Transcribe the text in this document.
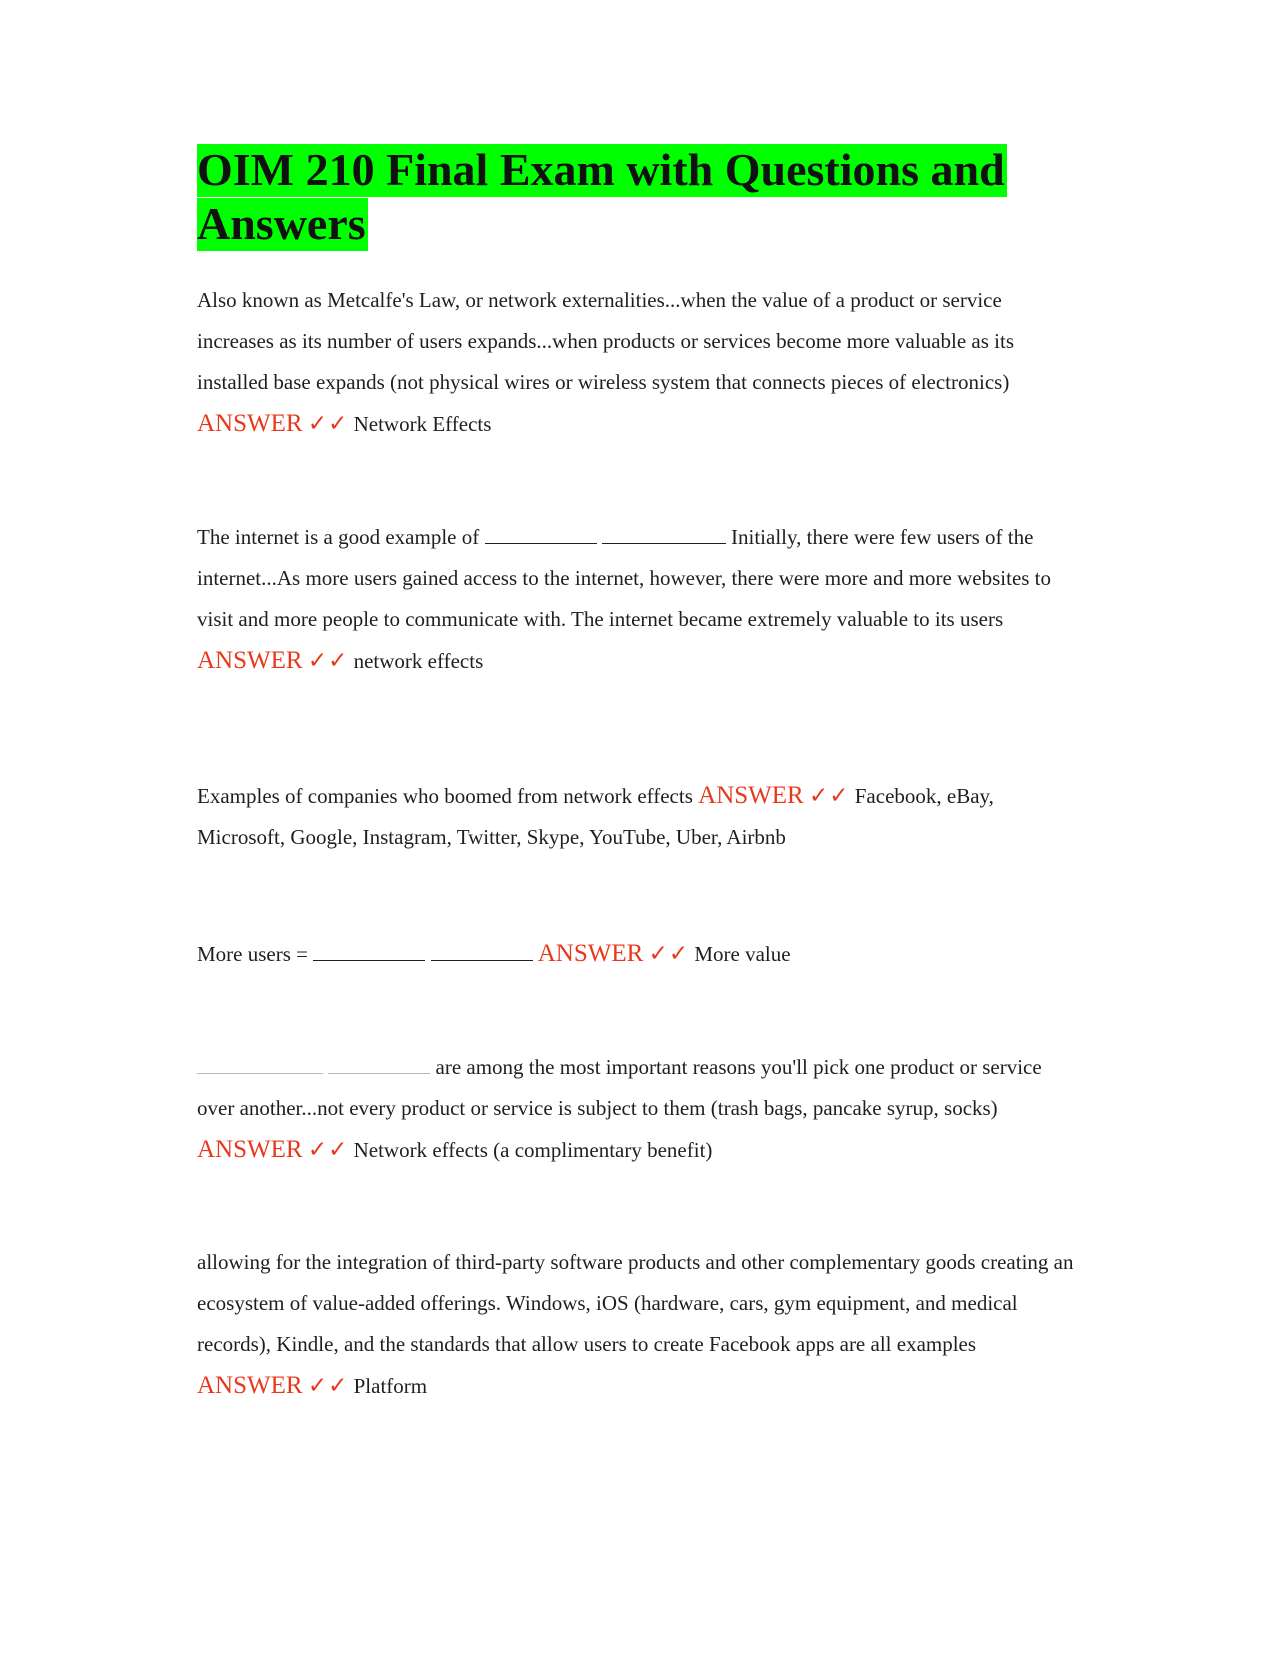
OIM 210 Final Exam with Questions and Answers

Also known as Metcalfe's Law, or network externalities...when the value of a product or service increases as its number of users expands...when products or services become more valuable as its installed base expands (not physical wires or wireless system that connects pieces of electronics) ANSWER ✓✓ Network Effects

The internet is a good example of	Initially, there were few users of the internet...As more users gained access to the internet, however, there were more and more websites to visit and more people to communicate with. The internet became extremely valuable to its users ANSWER ✓✓ network effects

Examples of companies who boomed from network effects ANSWER ✓✓ Facebook, eBay, Microsoft, Google, Instagram, Twitter, Skype, YouTube, Uber, Airbnb

More users =	ANSWER ✓✓ More value

are among the most important reasons you'll pick one product or service over another...not every product or service is subject to them (trash bags, pancake syrup, socks) ANSWER ✓✓ Network effects (a complimentary benefit)

allowing for the integration of third-party software products and other complementary goods creating an ecosystem of value-added offerings. Windows, iOS (hardware, cars, gym equipment, and medical records), Kindle, and the standards that allow users to create Facebook apps are all examples ANSWER ✓✓ Platform
